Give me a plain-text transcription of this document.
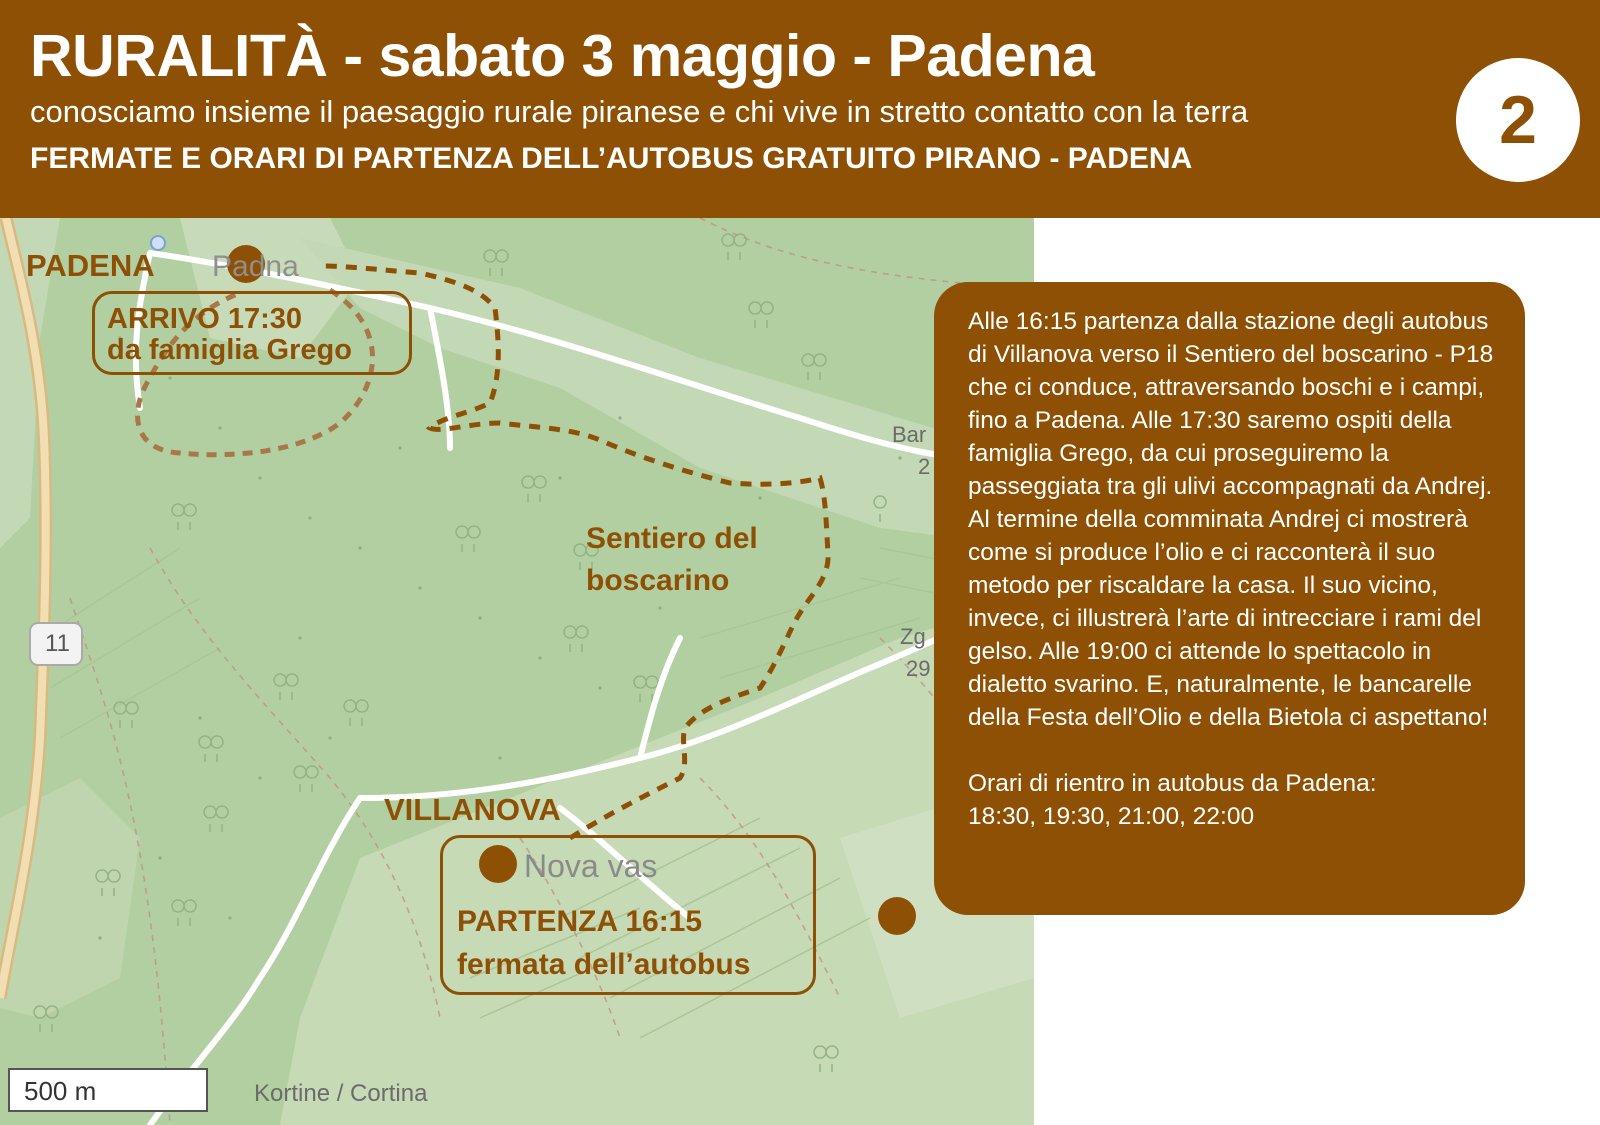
RURALITÀ - sabato 3 maggio - Padena
conosciamo insieme il paesaggio rurale piranese e chi vive in stretto contatto con la terra
FERMATE E ORARI DI PARTENZA DELL’AUTOBUS GRATUITO PIRANO - PADENA
2
Padna
Nova vas
Kortine / Cortina
11
Bar
2
Zg
29
PADENA
VILLANOVA
ARRIVO 17:30
da famiglia Grego
PARTENZA 16:15
fermata dell’autobus
Sentiero del
boscarino
500 m

Alle 16:15 partenza dalla stazione degli autobus di Villanova verso il Sentiero del boscarino - P18 che ci conduce, attraversando boschi e i campi, fino a Padena. Alle 17:30 saremo ospiti della famiglia Grego, da cui proseguiremo la passeggiata tra gli ulivi accompagnati da Andrej. Al termine della comminata Andrej ci mostrerà come si produce l’olio e ci racconterà il suo metodo per riscaldare la casa. Il suo vicino, invece, ci illustrerà l’arte di intrecciare i rami del gelso. Alle 19:00 ci attende lo spettacolo in dialetto svarino. E, naturalmente, le bancarelle della Festa dell’Olio e della Bietola ci aspettano!

Orari di rientro in autobus da Padena:

18:30, 19:30, 21:00, 22:00
